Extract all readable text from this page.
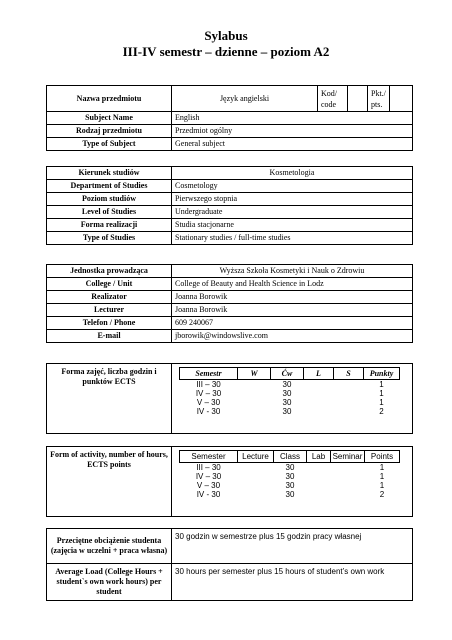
Sylabus
III-IV semestr – dzienne – poziom A2
Nazwa przedmiotu	Język angielski	Kod/
code		Pkt./
pts.	
Subject Name	English				
Rodzaj przedmiotu	Przedmiot ogólny				
Type of Subject	General subject				
Kierunek studiów	Kosmetologia
Department of Studies	Cosmetology
Poziom studiów	Pierwszego stopnia
Level of Studies	Undergraduate
Forma realizacji	Studia stacjonarne
Type of Studies	Stationary studies / full-time studies
Jednostka prowadząca	Wyższa Szkoła Kosmetyki i Nauk o Zdrowiu
College / Unit	College of Beauty and Health Science in Lodz
Realizator	Joanna Borowik
Lecturer	Joanna Borowik
Telefon / Phone	609 240067
E-mail	jborowik@windowslive.com
Forma zajęć, liczba godzin i punktów ECTS	
Semestr	W	Ćw	L	S	Punkty
III – 30		30			1
IV – 30		30			1
V – 30		30			1
IV - 30		30			2
Form of activity, number of hours, ECTS points	
Semester	Lecture	Class	Lab	Seminar	Points
III – 30		30			1
IV – 30		30			1
V – 30		30			1
IV - 30		30			2
Przeciętne obciążenie studenta (zajęcia w uczelni + praca własna)	30 godzin w semestrze plus 15 godzin pracy własnej
Average Load (College Hours + student`s own work hours) per student	30 hours per semester plus 15 hours of student’s own work
